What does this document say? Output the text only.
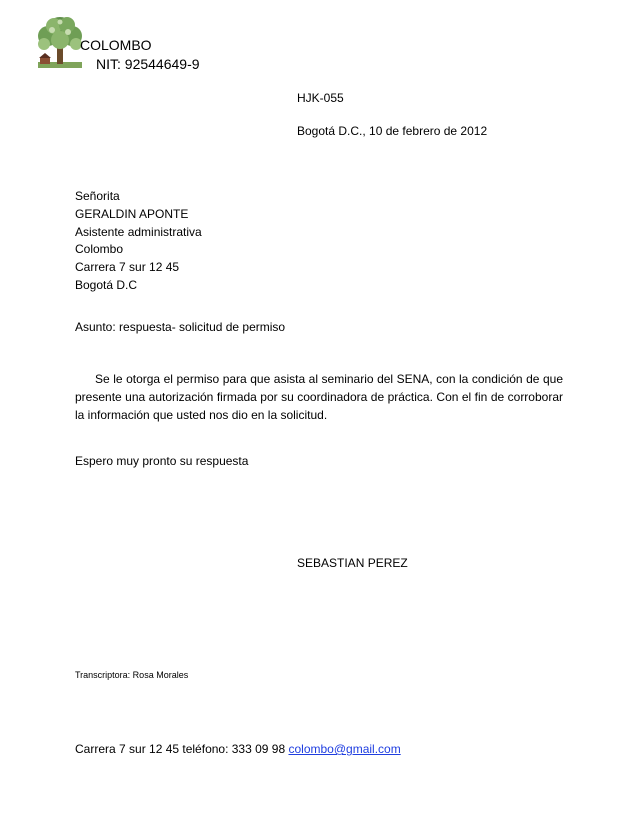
COLOMBO
NIT: 92544649-9
HJK-055
Bogotá D.C., 10 de febrero de 2012
Señorita
GERALDIN APONTE
Asistente administrativa
Colombo
Carrera 7 sur 12 45
Bogotá D.C
Asunto: respuesta- solicitud de permiso
Se le otorga el permiso para que asista al seminario del SENA, con la condición de que presente una autorización firmada por su coordinadora de práctica. Con el fin de corroborar la información que usted nos dio en la solicitud.
Espero muy pronto su respuesta
SEBASTIAN PEREZ
Transcriptora: Rosa Morales
Carrera 7 sur 12 45 teléfono: 333 09 98 colombo@gmail.com
